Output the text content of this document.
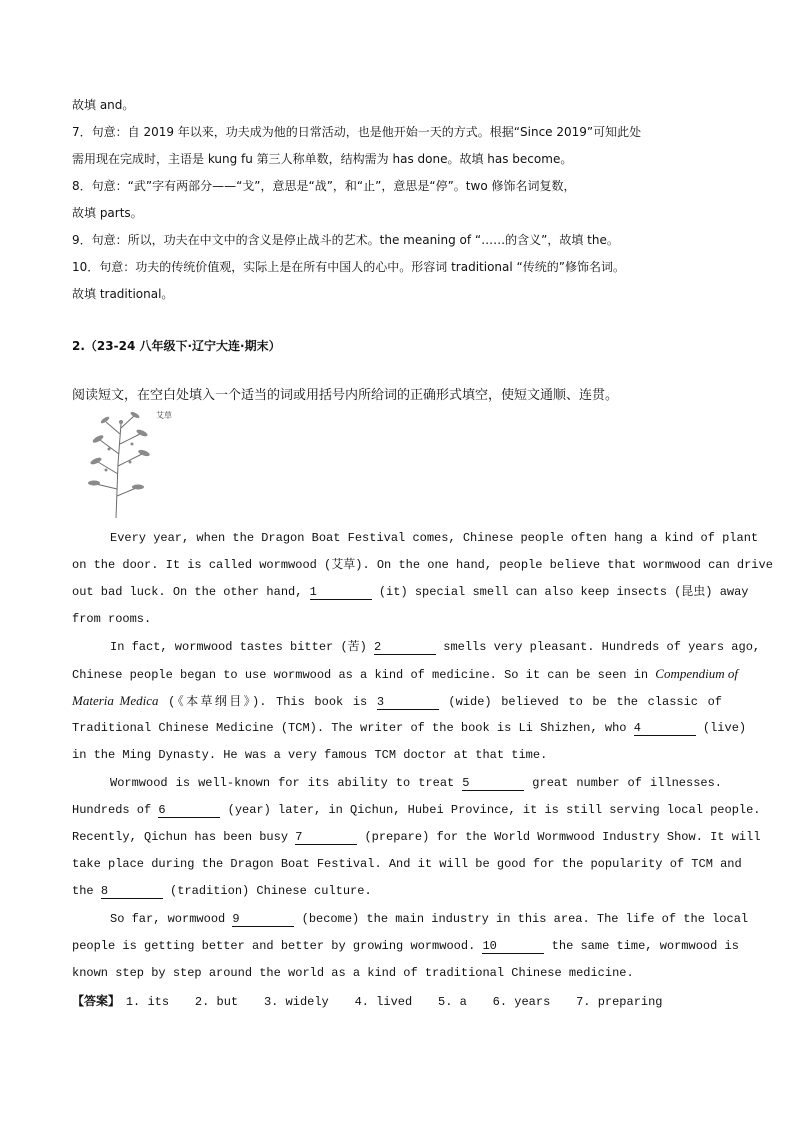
故填 and。
7．句意：自 2019 年以来，功夫成为他的日常活动，也是他开始一天的方式。根据“Since 2019”可知此处
需用现在完成时，主语是 kung fu 第三人称单数，结构需为 has done。故填 has become。
8．句意：“武”字有两部分——“戈”，意思是“战”，和“止”，意思是“停”。two 修饰名词复数，
故填 parts。
9．句意：所以，功夫在中文中的含义是停止战斗的艺术。the meaning of “……的含义”，故填 the。
10．句意：功夫的传统价值观，实际上是在所有中国人的心中。形容词 traditional “传统的”修饰名词。
故填 traditional。
2.（23-24 八年级下·辽宁大连·期末）
阅读短文，在空白处填入一个适当的词或用括号内所给词的正确形式填空，使短文通顺、连贯。
艾草
Every year, when the Dragon Boat Festival comes, Chinese people often hang a kind of plant
on the door. It is called wormwood (艾草). On the one hand, people believe that wormwood can drive
out bad luck. On the other hand, 1	(it) special smell can also keep insects (昆虫) away
from rooms.
In fact, wormwood tastes bitter (苦) 2	smells very pleasant. Hundreds of years ago,
Chinese people began to use wormwood as a kind of medicine. So it can be seen in Compendium of
Materia Medica (《本草纲目》). This book is 3	(wide) believed to be the classic of
Traditional Chinese Medicine (TCM). The writer of the book is Li Shizhen, who 4	(live)
in the Ming Dynasty. He was a very famous TCM doctor at that time.
Wormwood is well-known for its ability to treat 5	great number of illnesses.
Hundreds of 6	(year) later, in Qichun, Hubei Province, it is still serving local people.
Recently, Qichun has been busy 7	(prepare) for the World Wormwood Industry Show. It will
take place during the Dragon Boat Festival. And it will be good for the popularity of TCM and
the 8	(tradition) Chinese culture.
So far, wormwood 9	(become) the main industry in this area. The life of the local
people is getting better and better by growing wormwood. 10	the same time, wormwood is
known step by step around the world as a kind of traditional Chinese medicine.
【答案】 1. its 2. but 3. widely 4. lived 5. a 6. years 7. preparing
